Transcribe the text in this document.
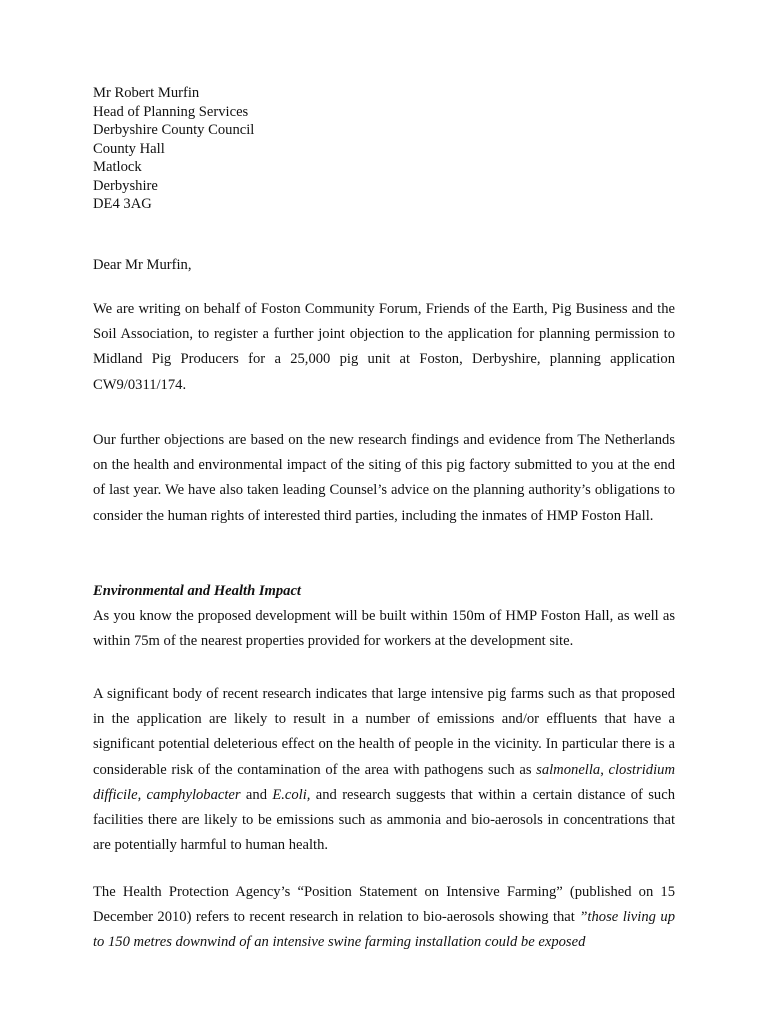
Mr Robert Murfin
Head of Planning Services
Derbyshire County Council
County Hall
Matlock
Derbyshire
DE4 3AG
Dear Mr Murfin,

We are writing on behalf of Foston Community Forum, Friends of the Earth, Pig Business and the Soil Association, to register a further joint objection to the application for planning permission to Midland Pig Producers for a 25,000 pig unit at Foston, Derbyshire, planning application CW9/0311/174.

Our further objections are based on the new research findings and evidence from The Netherlands on the health and environmental impact of the siting of this pig factory submitted to you at the end of last year. We have also taken leading Counsel’s advice on the planning authority’s obligations to consider the human rights of interested third parties, including the inmates of HMP Foston Hall.

Environmental and Health Impact

As you know the proposed development will be built within 150m of HMP Foston Hall, as well as within 75m of the nearest properties provided for workers at the development site.

A significant body of recent research indicates that large intensive pig farms such as that proposed in the application are likely to result in a number of emissions and/or effluents that have a significant potential deleterious effect on the health of people in the vicinity. In particular there is a considerable risk of the contamination of the area with pathogens such as salmonella, clostridium difficile, camphylobacter and E.coli, and research suggests that within a certain distance of such facilities there are likely to be emissions such as ammonia and bio-aerosols in concentrations that are potentially harmful to human health.

The Health Protection Agency’s “Position Statement on Intensive Farming” (published on 15 December 2010) refers to recent research in relation to bio-aerosols showing that ”those living up to 150 metres downwind of an intensive swine farming installation could be exposed
